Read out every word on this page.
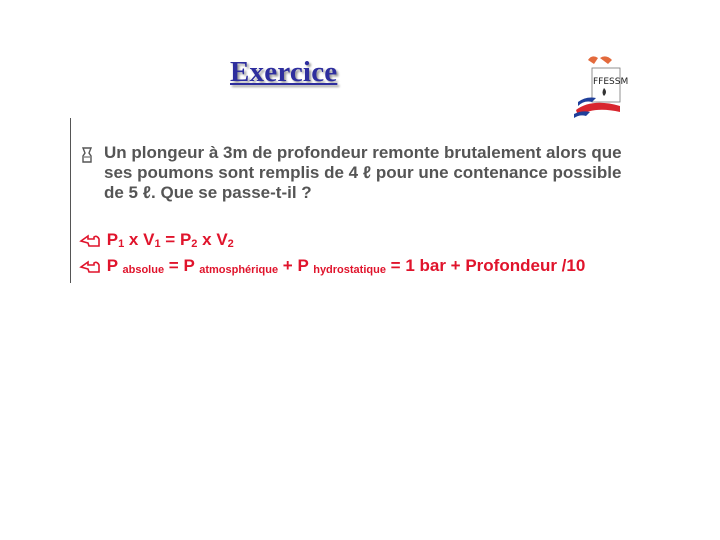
Exercice	FFESSM
Un plongeur à 3m de profondeur remonte brutalement alors que ses poumons sont remplis de 4 ℓ pour une contenance possible de 5 ℓ. Que se passe-t-il ?
$P_1$ x $V_1 = P_2$ x $V_2$
P absolue = P atmosphérique + P hydrostatique = 1 bar + Profondeur /10
